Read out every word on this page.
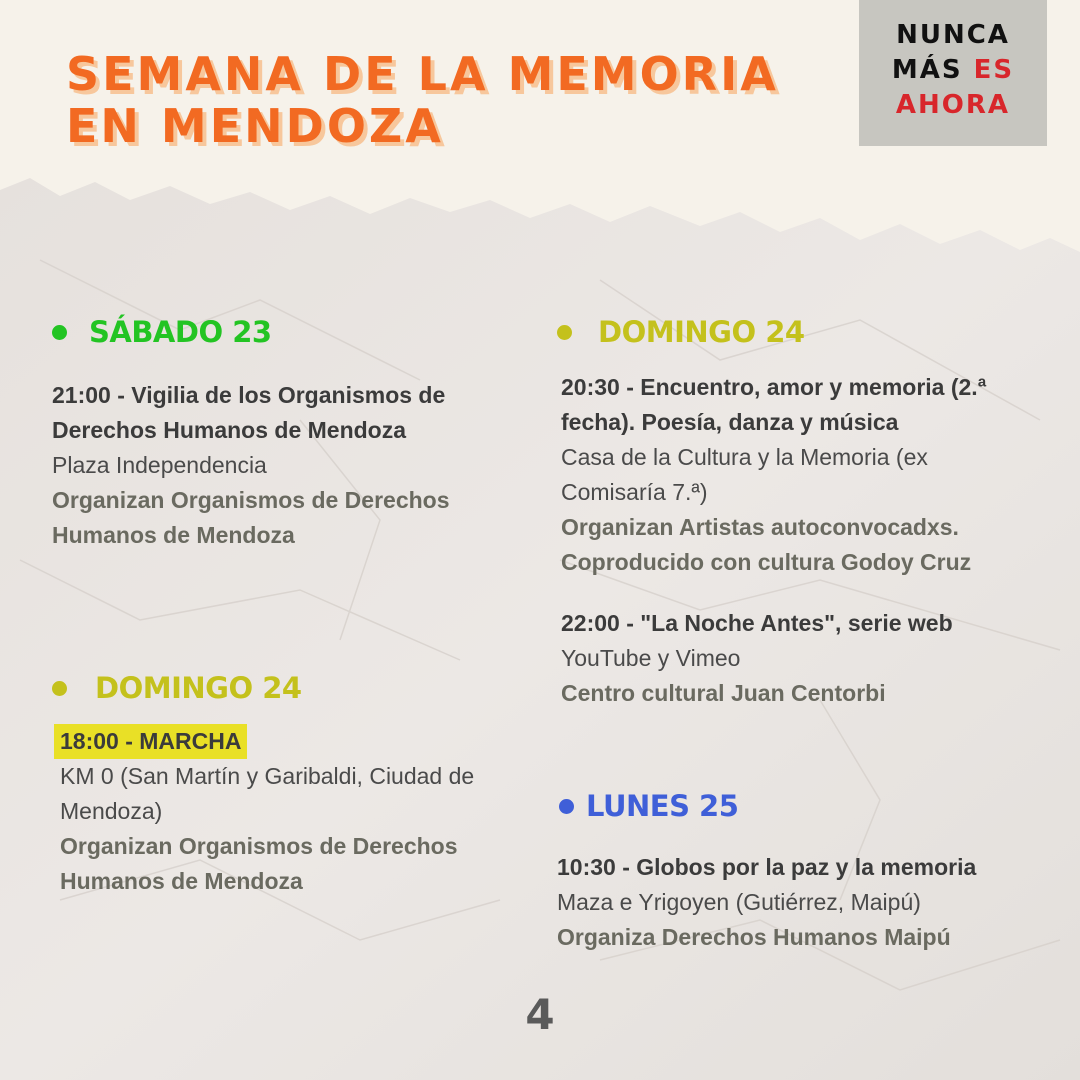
SEMANA DE LA MEMORIA
EN MENDOZA
NUNCA
MÁS ES
AHORA
SÁBADO 23
21:00 - Vigilia de los Organismos de
Derechos Humanos de Mendoza
Plaza Independencia
Organizan Organismos de Derechos
Humanos de Mendoza
DOMINGO 24
18:00 - MARCHA
KM 0 (San Martín y Garibaldi, Ciudad de
Mendoza)
Organizan Organismos de Derechos
Humanos de Mendoza
DOMINGO 24
20:30 - Encuentro, amor y memoria (2.ª
fecha). Poesía, danza y música
Casa de la Cultura y la Memoria (ex
Comisaría 7.ª)
Organizan Artistas autoconvocadxs.
Coproducido con cultura Godoy Cruz
22:00 - "La Noche Antes", serie web
YouTube y Vimeo
Centro cultural Juan Centorbi
LUNES 25
10:30 - Globos por la paz y la memoria
Maza e Yrigoyen (Gutiérrez, Maipú)
Organiza Derechos Humanos Maipú
4
